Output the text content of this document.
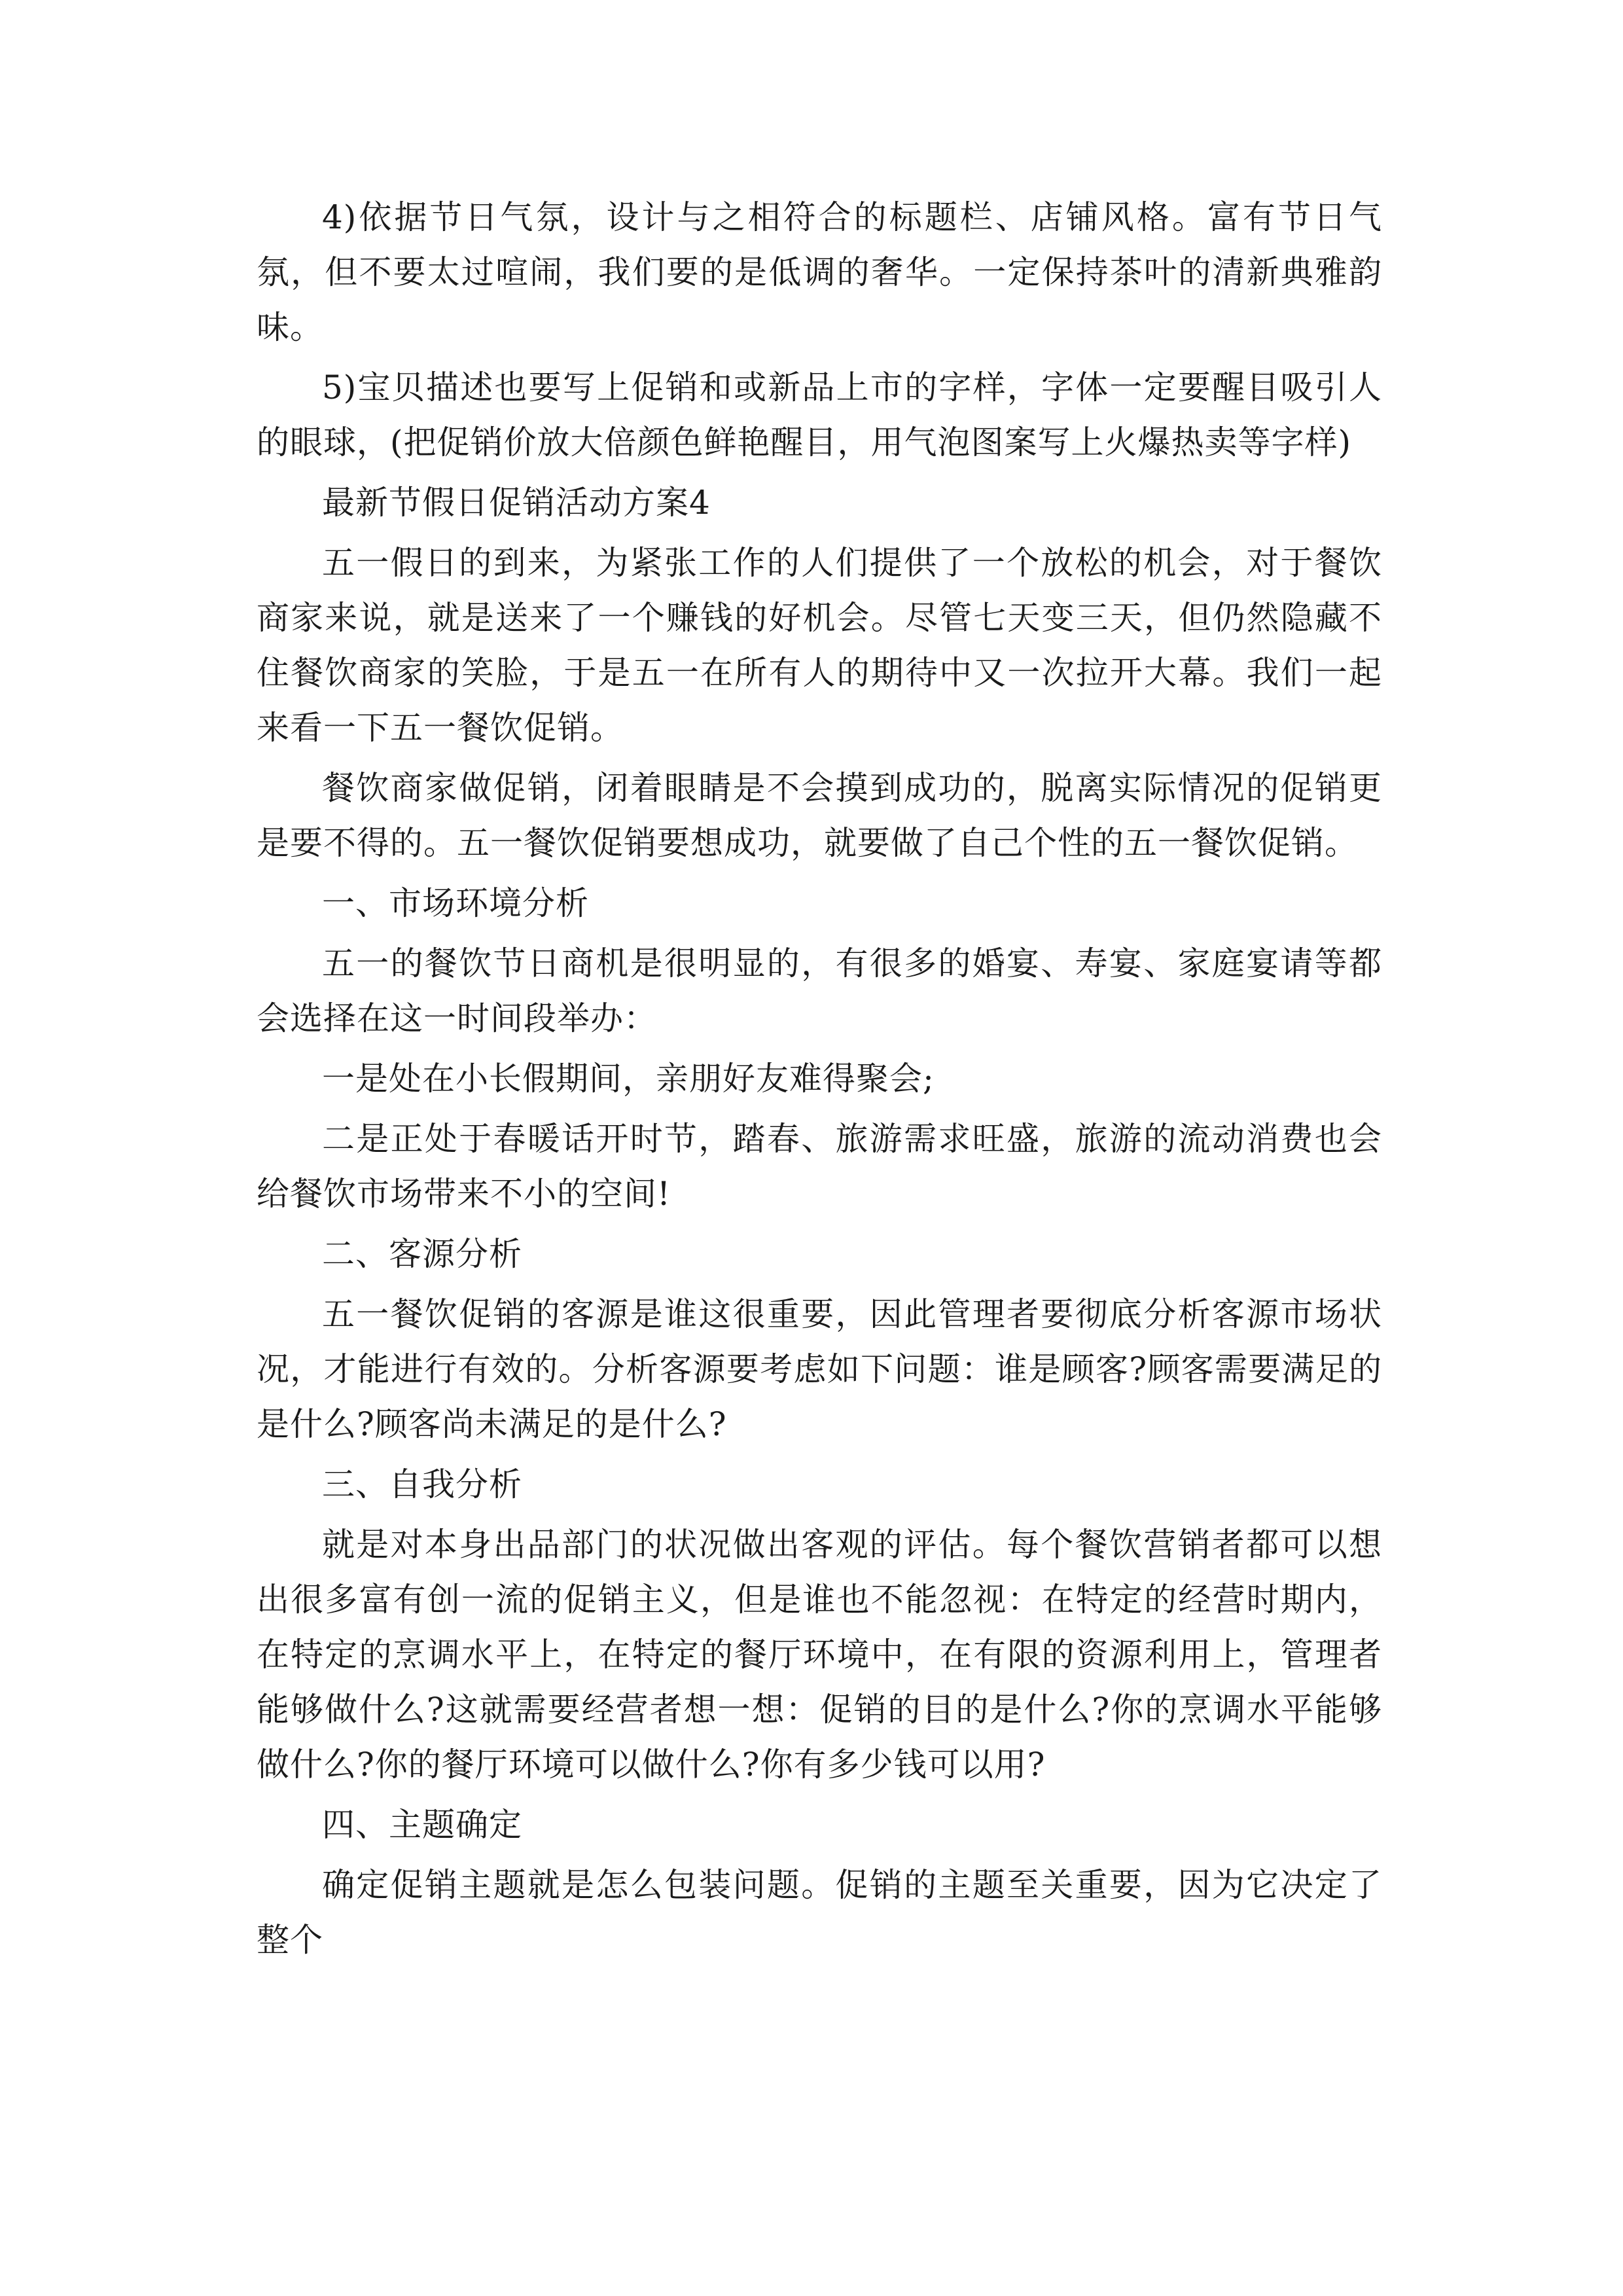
4)依据节日气氛，设计与之相符合的标题栏、店铺风格。富有节日气氛，但不要太过喧闹，我们要的是低调的奢华。一定保持茶叶的清新典雅韵味。

5)宝贝描述也要写上促销和或新品上市的字样，字体一定要醒目吸引人的眼球，(把促销价放大倍颜色鲜艳醒目，用气泡图案写上火爆热卖等字样)

最新节假日促销活动方案4

五一假日的到来，为紧张工作的人们提供了一个放松的机会，对于餐饮商家来说，就是送来了一个赚钱的好机会。尽管七天变三天，但仍然隐藏不住餐饮商家的笑脸，于是五一在所有人的期待中又一次拉开大幕。我们一起来看一下五一餐饮促销。

餐饮商家做促销，闭着眼睛是不会摸到成功的，脱离实际情况的促销更是要不得的。五一餐饮促销要想成功，就要做了自己个性的五一餐饮促销。

一、市场环境分析

五一的餐饮节日商机是很明显的，有很多的婚宴、寿宴、家庭宴请等都会选择在这一时间段举办：

一是处在小长假期间，亲朋好友难得聚会;

二是正处于春暖话开时节，踏春、旅游需求旺盛，旅游的流动消费也会给餐饮市场带来不小的空间!

二、客源分析

五一餐饮促销的客源是谁这很重要，因此管理者要彻底分析客源市场状况，才能进行有效的。分析客源要考虑如下问题：谁是顾客?顾客需要满足的是什么?顾客尚未满足的是什么?

三、自我分析

就是对本身出品部门的状况做出客观的评估。每个餐饮营销者都可以想出很多富有创一流的促销主义，但是谁也不能忽视：在特定的经营时期内，在特定的烹调水平上，在特定的餐厅环境中，在有限的资源利用上，管理者能够做什么?这就需要经营者想一想：促销的目的是什么?你的烹调水平能够做什么?你的餐厅环境可以做什么?你有多少钱可以用?

四、主题确定

确定促销主题就是怎么包装问题。促销的主题至关重要，因为它决定了整个
